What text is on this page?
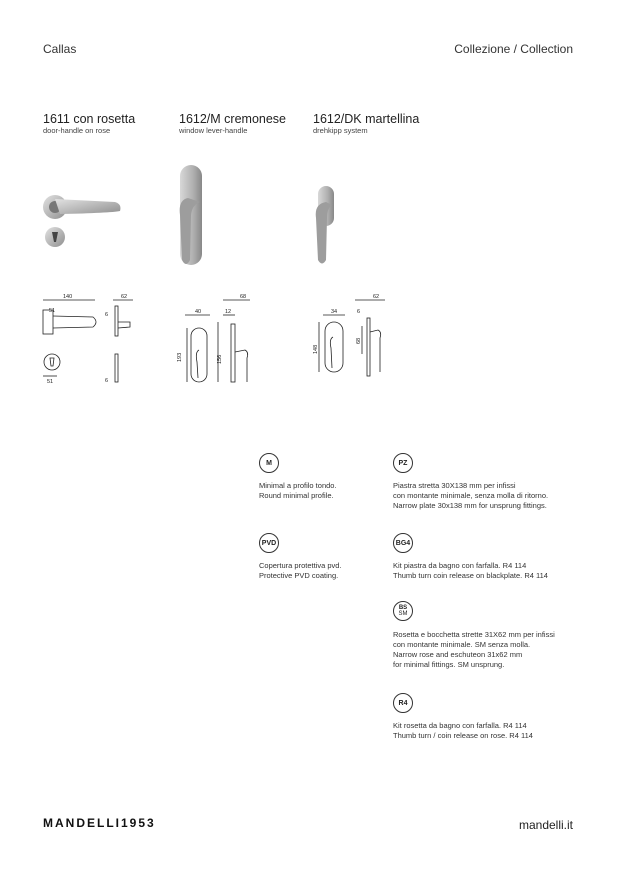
Callas	Collezione / Collection
1611 con rosetta
door-handle on rose
1612/M cremonese
window lever-handle
1612/DK martellina
drehkipp system
140
51
62
6
51	6
40	12
68
193	156
34	6
62
148
68
M
Minimal a profilo tondo.
Round minimal profile.
PVD
Copertura protettiva pvd.
Protective PVD coating.
PZ
Piastra stretta 30X138 mm per infissi
con montante minimale, senza molla di ritorno.
Narrow plate 30x138 mm for unsprung fittings.
BG4
Kit piastra da bagno con farfalla. R4 114
Thumb turn coin release on blackplate. R4 114
BS
SM
Rosetta e bocchetta strette 31X62 mm per infissi
con montante minimale. SM senza molla.
Narrow rose and eschuteon 31x62 mm
for minimal fittings. SM unsprung.
R4
Kit rosetta da bagno con farfalla. R4 114
Thumb turn / coin release on rose. R4 114
MANDELLI1953	mandelli.it
